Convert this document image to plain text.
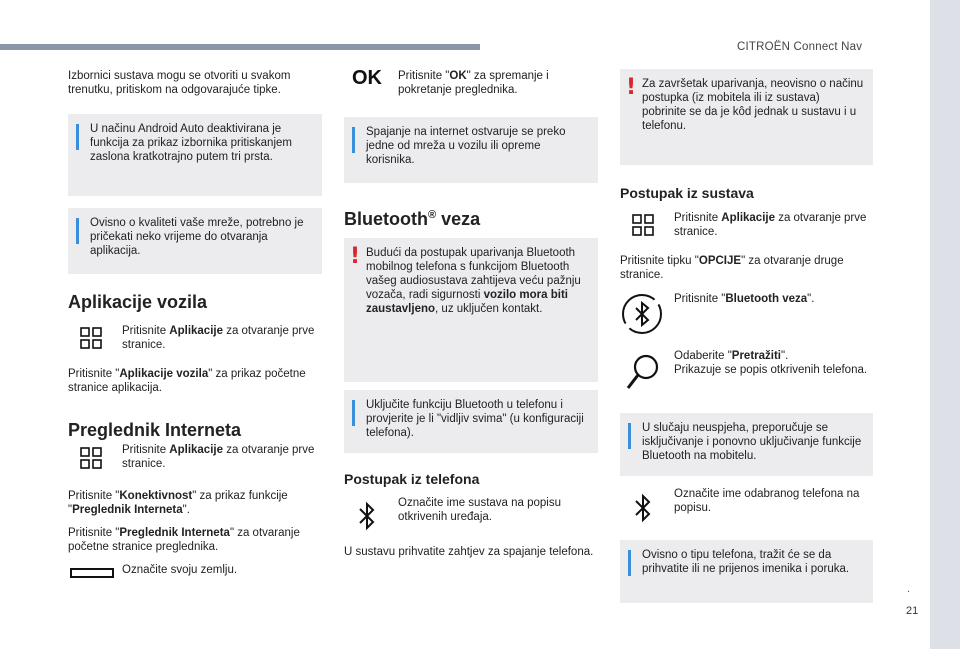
CITROËN Connect Nav
.
21
Izbornici sustava mogu se otvoriti u svakom trenutku, pritiskom na odgovarajuće tipke.
U načinu Android Auto deaktivirana je funkcija za prikaz izbornika pritiskanjem zaslona kratkotrajno putem tri prsta.
Ovisno o kvaliteti vaše mreže, potrebno je pričekati neko vrijeme do otvaranja aplikacija.
Aplikacije vozila
Pritisnite Aplikacije za otvaranje prve stranice.
Pritisnite "Aplikacije vozila" za prikaz početne stranice aplikacija.
Preglednik Interneta
Pritisnite Aplikacije za otvaranje prve stranice.
Pritisnite "Konektivnost" za prikaz funkcije "Preglednik Interneta".
Pritisnite "Preglednik Interneta" za otvaranje početne stranice preglednika.
Označite svoju zemlju.
OK Pritisnite "OK" za spremanje i pokretanje preglednika.
Spajanje na internet ostvaruje se preko jedne od mreža u vozilu ili opreme korisnika.
Bluetooth® veza
! Budući da postupak uparivanja Bluetooth mobilnog telefona s funkcijom Bluetooth vašeg audiosustava zahtijeva veću pažnju vozača, radi sigurnosti vozilo mora biti zaustavljeno, uz uključen kontakt.
Uključite funkciju Bluetooth u telefonu i provjerite je li "vidljiv svima" (u konfiguraciji telefona).
Postupak iz telefona
Označite ime sustava na popisu otkrivenih uređaja.
U sustavu prihvatite zahtjev za spajanje telefona.
! Za završetak uparivanja, neovisno o načinu postupka (iz mobitela ili iz sustava) pobrinite se da je kôd jednak u sustavu i u telefonu.
Postupak iz sustava
Pritisnite Aplikacije za otvaranje prve stranice.
Pritisnite tipku "OPCIJE" za otvaranje druge stranice.
Pritisnite "Bluetooth veza".
Odaberite "Pretražiti".
Prikazuje se popis otkrivenih telefona.
U slučaju neuspjeha, preporučuje se isključivanje i ponovno uključivanje funkcije Bluetooth na mobitelu.
Označite ime odabranog telefona na popisu.
Ovisno o tipu telefona, tražit će se da prihvatite ili ne prijenos imenika i poruka.
